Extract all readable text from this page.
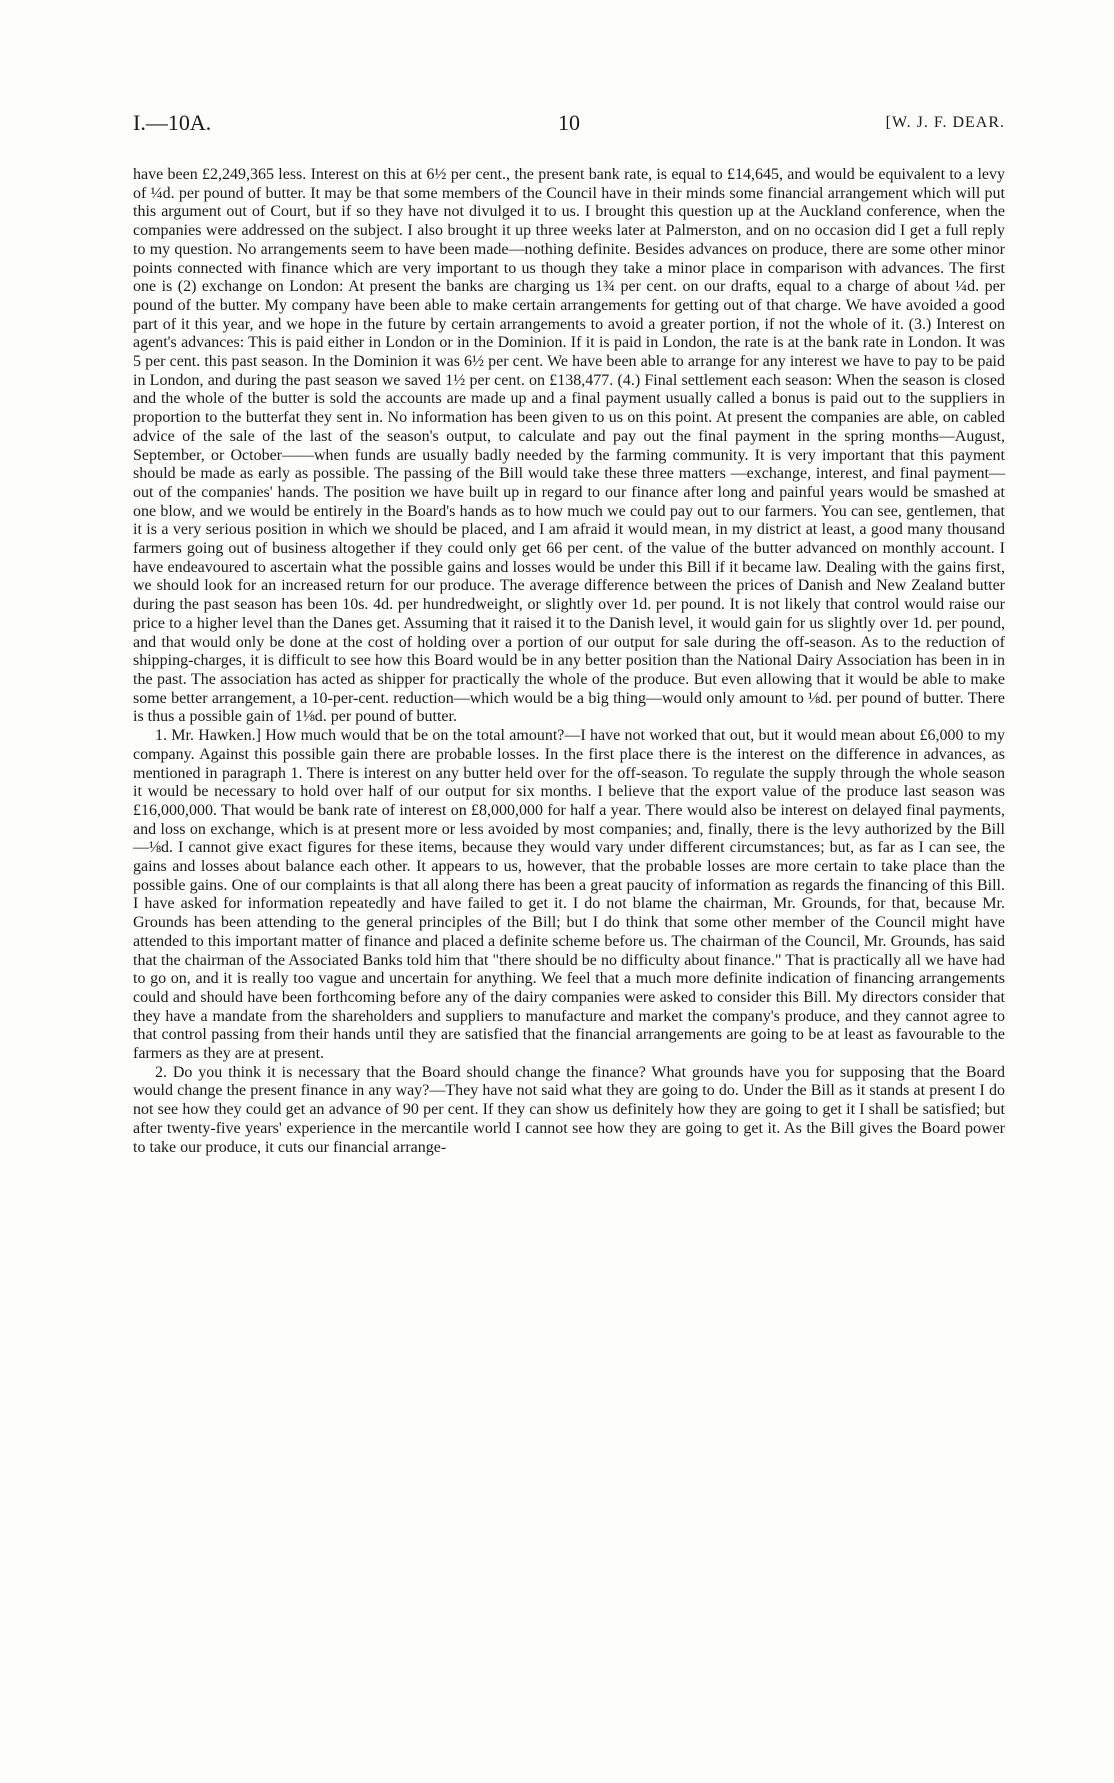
I.—10A.	10	[W. J. F. DEAR.

have been £2,249,365 less. Interest on this at 6½ per cent., the present bank rate, is equal to £14,645, and would be equivalent to a levy of ¼d. per pound of butter. It may be that some members of the Council have in their minds some financial arrangement which will put this argument out of Court, but if so they have not divulged it to us. I brought this question up at the Auckland conference, when the companies were addressed on the subject. I also brought it up three weeks later at Palmerston, and on no occasion did I get a full reply to my question. No arrangements seem to have been made—nothing definite. Besides advances on produce, there are some other minor points connected with finance which are very important to us though they take a minor place in comparison with advances. The first one is (2) exchange on London: At present the banks are charging us 1¾ per cent. on our drafts, equal to a charge of about ¼d. per pound of the butter. My company have been able to make certain arrangements for getting out of that charge. We have avoided a good part of it this year, and we hope in the future by certain arrangements to avoid a greater portion, if not the whole of it. (3.) Interest on agent's advances: This is paid either in London or in the Dominion. If it is paid in London, the rate is at the bank rate in London. It was 5 per cent. this past season. In the Dominion it was 6½ per cent. We have been able to arrange for any interest we have to pay to be paid in London, and during the past season we saved 1½ per cent. on £138,477. (4.) Final settlement each season: When the season is closed and the whole of the butter is sold the accounts are made up and a final payment usually called a bonus is paid out to the suppliers in proportion to the butterfat they sent in. No information has been given to us on this point. At present the companies are able, on cabled advice of the sale of the last of the season's output, to calculate and pay out the final payment in the spring months—August, September, or October——when funds are usually badly needed by the farming community. It is very important that this payment should be made as early as possible. The passing of the Bill would take these three matters —exchange, interest, and final payment—out of the companies' hands. The position we have built up in regard to our finance after long and painful years would be smashed at one blow, and we would be entirely in the Board's hands as to how much we could pay out to our farmers. You can see, gentlemen, that it is a very serious position in which we should be placed, and I am afraid it would mean, in my district at least, a good many thousand farmers going out of business altogether if they could only get 66 per cent. of the value of the butter advanced on monthly account. I have endeavoured to ascertain what the possible gains and losses would be under this Bill if it became law. Dealing with the gains first, we should look for an increased return for our produce. The average difference between the prices of Danish and New Zealand butter during the past season has been 10s. 4d. per hundredweight, or slightly over 1d. per pound. It is not likely that control would raise our price to a higher level than the Danes get. Assuming that it raised it to the Danish level, it would gain for us slightly over 1d. per pound, and that would only be done at the cost of holding over a portion of our output for sale during the off-season. As to the reduction of shipping-charges, it is difficult to see how this Board would be in any better position than the National Dairy Association has been in in the past. The association has acted as shipper for practically the whole of the produce. But even allowing that it would be able to make some better arrangement, a 10-per-cent. reduction—which would be a big thing—would only amount to ⅛d. per pound of butter. There is thus a possible gain of 1⅛d. per pound of butter.

1. Mr. Hawken.] How much would that be on the total amount?—I have not worked that out, but it would mean about £6,000 to my company. Against this possible gain there are probable losses. In the first place there is the interest on the difference in advances, as mentioned in paragraph 1. There is interest on any butter held over for the off-season. To regulate the supply through the whole season it would be necessary to hold over half of our output for six months. I believe that the export value of the produce last season was £16,000,000. That would be bank rate of interest on £8,000,000 for half a year. There would also be interest on delayed final payments, and loss on exchange, which is at present more or less avoided by most companies; and, finally, there is the levy authorized by the Bill—⅛d. I cannot give exact figures for these items, because they would vary under different circumstances; but, as far as I can see, the gains and losses about balance each other. It appears to us, however, that the probable losses are more certain to take place than the possible gains. One of our complaints is that all along there has been a great paucity of information as regards the financing of this Bill. I have asked for information repeatedly and have failed to get it. I do not blame the chairman, Mr. Grounds, for that, because Mr. Grounds has been attending to the general principles of the Bill; but I do think that some other member of the Council might have attended to this important matter of finance and placed a definite scheme before us. The chairman of the Council, Mr. Grounds, has said that the chairman of the Associated Banks told him that "there should be no difficulty about finance." That is practically all we have had to go on, and it is really too vague and uncertain for anything. We feel that a much more definite indication of financing arrangements could and should have been forthcoming before any of the dairy companies were asked to consider this Bill. My directors consider that they have a mandate from the shareholders and suppliers to manufacture and market the company's produce, and they cannot agree to that control passing from their hands until they are satisfied that the financial arrangements are going to be at least as favourable to the farmers as they are at present.

2. Do you think it is necessary that the Board should change the finance? What grounds have you for supposing that the Board would change the present finance in any way?—They have not said what they are going to do. Under the Bill as it stands at present I do not see how they could get an advance of 90 per cent. If they can show us definitely how they are going to get it I shall be satisfied; but after twenty-five years' experience in the mercantile world I cannot see how they are going to get it. As the Bill gives the Board power to take our produce, it cuts our financial arrange-
